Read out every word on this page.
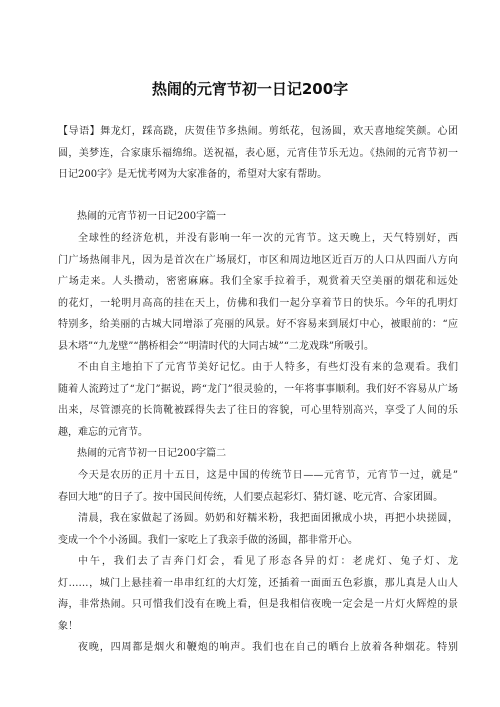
热闹的元宵节初一日记200字
【导语】舞龙灯，踩高跷，庆贺佳节多热闹。剪纸花，包汤圆，欢天喜地绽笑颜。心团
圆，美梦连，合家康乐福绵绵。送祝福，表心愿，元宵佳节乐无边。《热闹的元宵节初一
日记200字》是无忧考网为大家准备的，希望对大家有帮助。
热闹的元宵节初一日记200字篇一
全球性的经济危机，并没有影响一年一次的元宵节。这天晚上，天气特别好，西
门广场热闹非凡，因为是首次在广场展灯，市区和周边地区近百万的人口从四面八方向
广场走来。人头攒动，密密麻麻。我们全家手拉着手，观赏着天空美丽的烟花和远处
的花灯，一轮明月高高的挂在天上，仿佛和我们一起分享着节日的快乐。今年的孔明灯
特别多，给美丽的古城大同增添了亮丽的风景。好不容易来到展灯中心，被眼前的：“应
县木塔”“九龙壁”“鹊桥相会”“明清时代的大同古城”“二龙戏珠”所吸引。
不由自主地拍下了元宵节美好记忆。由于人特多，有些灯没有来的急观看。我们
随着人流跨过了“龙门”据说，跨“龙门”很灵验的，一年将事事顺利。我们好不容易从广场
出来，尽管漂亮的长筒靴被踩得失去了往日的容貌，可心里特别高兴，享受了人间的乐
趣，难忘的元宵节。
热闹的元宵节初一日记200字篇二
今天是农历的正月十五日，这是中国的传统节日——元宵节，元宵节一过，就是”
春回大地”的日子了。按中国民间传统，人们要点起彩灯、猜灯谜、吃元宵、合家团圆。
清晨，我在家做起了汤圆。奶奶和好糯米粉，我把面团揪成小块，再把小块搓圆，
变成一个个小汤圆。我们一家吃上了我亲手做的汤圆，都非常开心。
中午，我们去了吉奔门灯会，看见了形态各异的灯：老虎灯、兔子灯、龙
灯……，城门上悬挂着一串串红红的大灯笼，还插着一面面五色彩旗，那儿真是人山人
海，非常热闹。只可惜我们没有在晚上看，但是我相信夜晚一定会是一片灯火辉煌的景
象！
夜晚，四周都是烟火和鞭炮的响声。我们也在自己的晒台上放着各种烟花。特别
